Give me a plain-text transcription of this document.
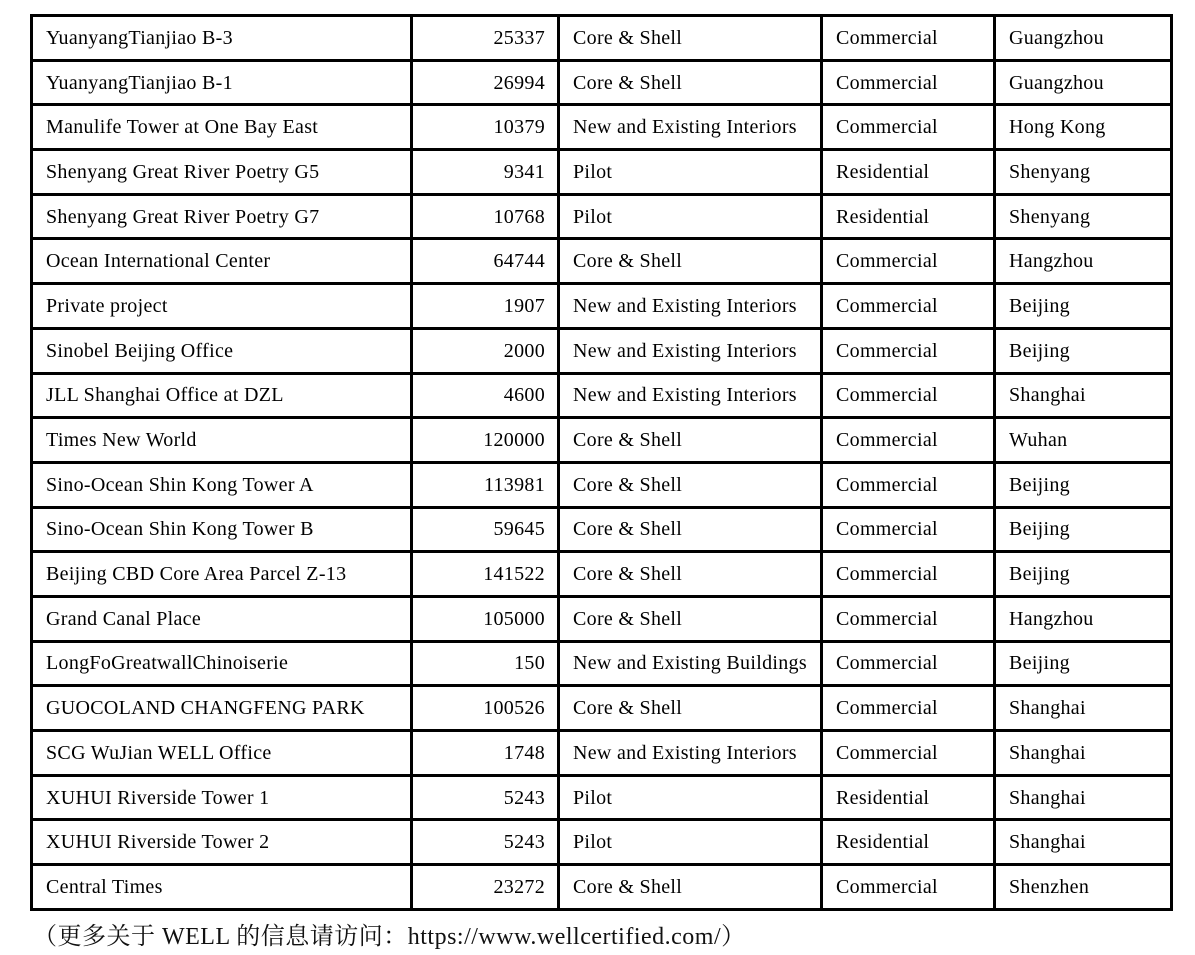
YuanyangTianjiao B-3	25337	Core & Shell	Commercial	Guangzhou
YuanyangTianjiao B-1	26994	Core & Shell	Commercial	Guangzhou
Manulife Tower at One Bay East	10379	New and Existing Interiors	Commercial	Hong Kong
Shenyang Great River Poetry G5	9341	Pilot	Residential	Shenyang
Shenyang Great River Poetry G7	10768	Pilot	Residential	Shenyang
Ocean International Center	64744	Core & Shell	Commercial	Hangzhou
Private project	1907	New and Existing Interiors	Commercial	Beijing
Sinobel Beijing Office	2000	New and Existing Interiors	Commercial	Beijing
JLL Shanghai Office at DZL	4600	New and Existing Interiors	Commercial	Shanghai
Times New World	120000	Core & Shell	Commercial	Wuhan
Sino-Ocean Shin Kong Tower A	113981	Core & Shell	Commercial	Beijing
Sino-Ocean Shin Kong Tower B	59645	Core & Shell	Commercial	Beijing
Beijing CBD Core Area Parcel Z-13	141522	Core & Shell	Commercial	Beijing
Grand Canal Place	105000	Core & Shell	Commercial	Hangzhou
LongFoGreatwallChinoiserie	150	New and Existing Buildings	Commercial	Beijing
GUOCOLAND CHANGFENG PARK	100526	Core & Shell	Commercial	Shanghai
SCG WuJian WELL Office	1748	New and Existing Interiors	Commercial	Shanghai
XUHUI Riverside Tower 1	5243	Pilot	Residential	Shanghai
XUHUI Riverside Tower 2	5243	Pilot	Residential	Shanghai
Central Times	23272	Core & Shell	Commercial	Shenzhen
（更多关于 WELL 的信息请访问：https://www.wellcertified.com/）
